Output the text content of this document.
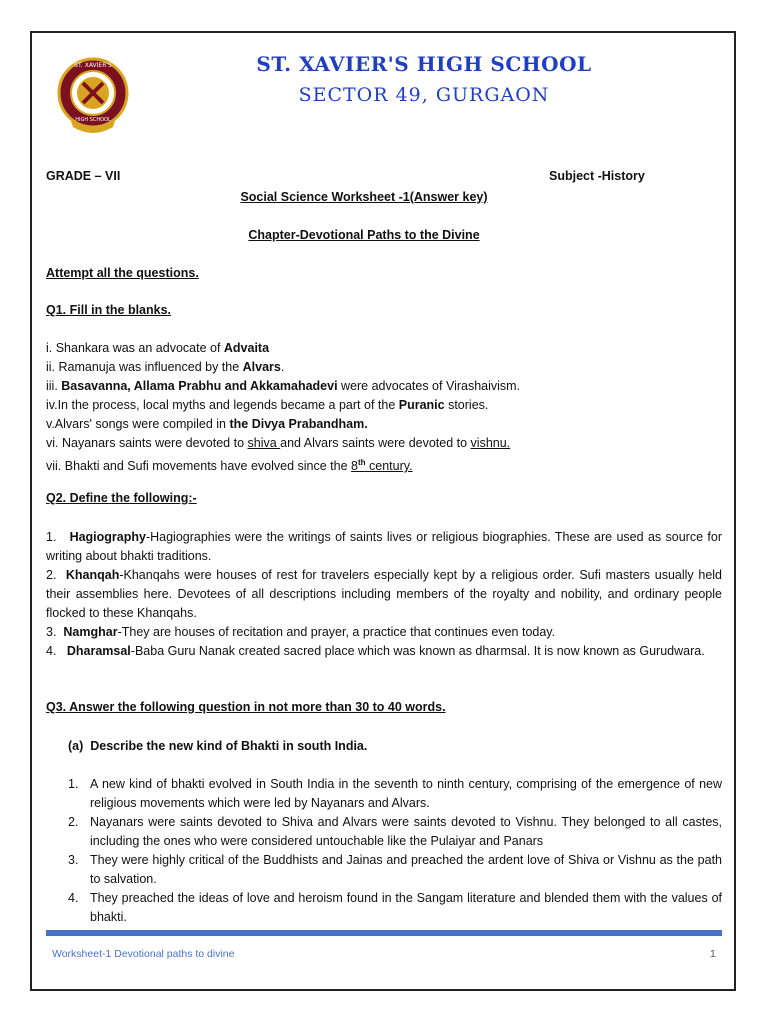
ST. XAVIER'S
HIGH SCHOOL
ST. XAVIER'S HIGH SCHOOL
SECTOR 49, GURGAON
GRADE – VII	Subject -History
Social Science Worksheet -1(Answer key)
Chapter-Devotional Paths to the Divine
Attempt all the questions.
Q1. Fill in the blanks.
i. Shankara was an advocate of Advaita
ii. Ramanuja was influenced by the Alvars.
iii. Basavanna, Allama Prabhu and Akkamahadevi were advocates of Virashaivism.
iv.In the process, local myths and legends became a part of the Puranic stories.
v.Alvars' songs were compiled in the Divya Prabandham.
vi. Nayanars saints were devoted to shiva and Alvars saints were devoted to vishnu.
vii. Bhakti and Sufi movements have evolved since the 8th century.
Q2. Define the following:-
1. Hagiography-Hagiographies were the writings of saints lives or religious biographies. These are used as source for writing about bhakti traditions.
2. Khanqah-Khanqahs were houses of rest for travelers especially kept by a religious order. Sufi masters usually held their assemblies here. Devotees of all descriptions including members of the royalty and nobility, and ordinary people flocked to these Khanqahs.
3. Namghar-They are houses of recitation and prayer, a practice that continues even today.
4. Dharamsal-Baba Guru Nanak created sacred place which was known as dharmsal. It is now known as Gurudwara.
Q3. Answer the following question in not more than 30 to 40 words.
(a) Describe the new kind of Bhakti in south India.
1. A new kind of bhakti evolved in South India in the seventh to ninth century, comprising of the emergence of new religious movements which were led by Nayanars and Alvars.
2. Nayanars were saints devoted to Shiva and Alvars were saints devoted to Vishnu. They belonged to all castes, including the ones who were considered untouchable like the Pulaiyar and Panars
3. They were highly critical of the Buddhists and Jainas and preached the ardent love of Shiva or Vishnu as the path to salvation.
4. They preached the ideas of love and heroism found in the Sangam literature and blended them with the values of bhakti.
Worksheet-1 Devotional paths to divine	1
